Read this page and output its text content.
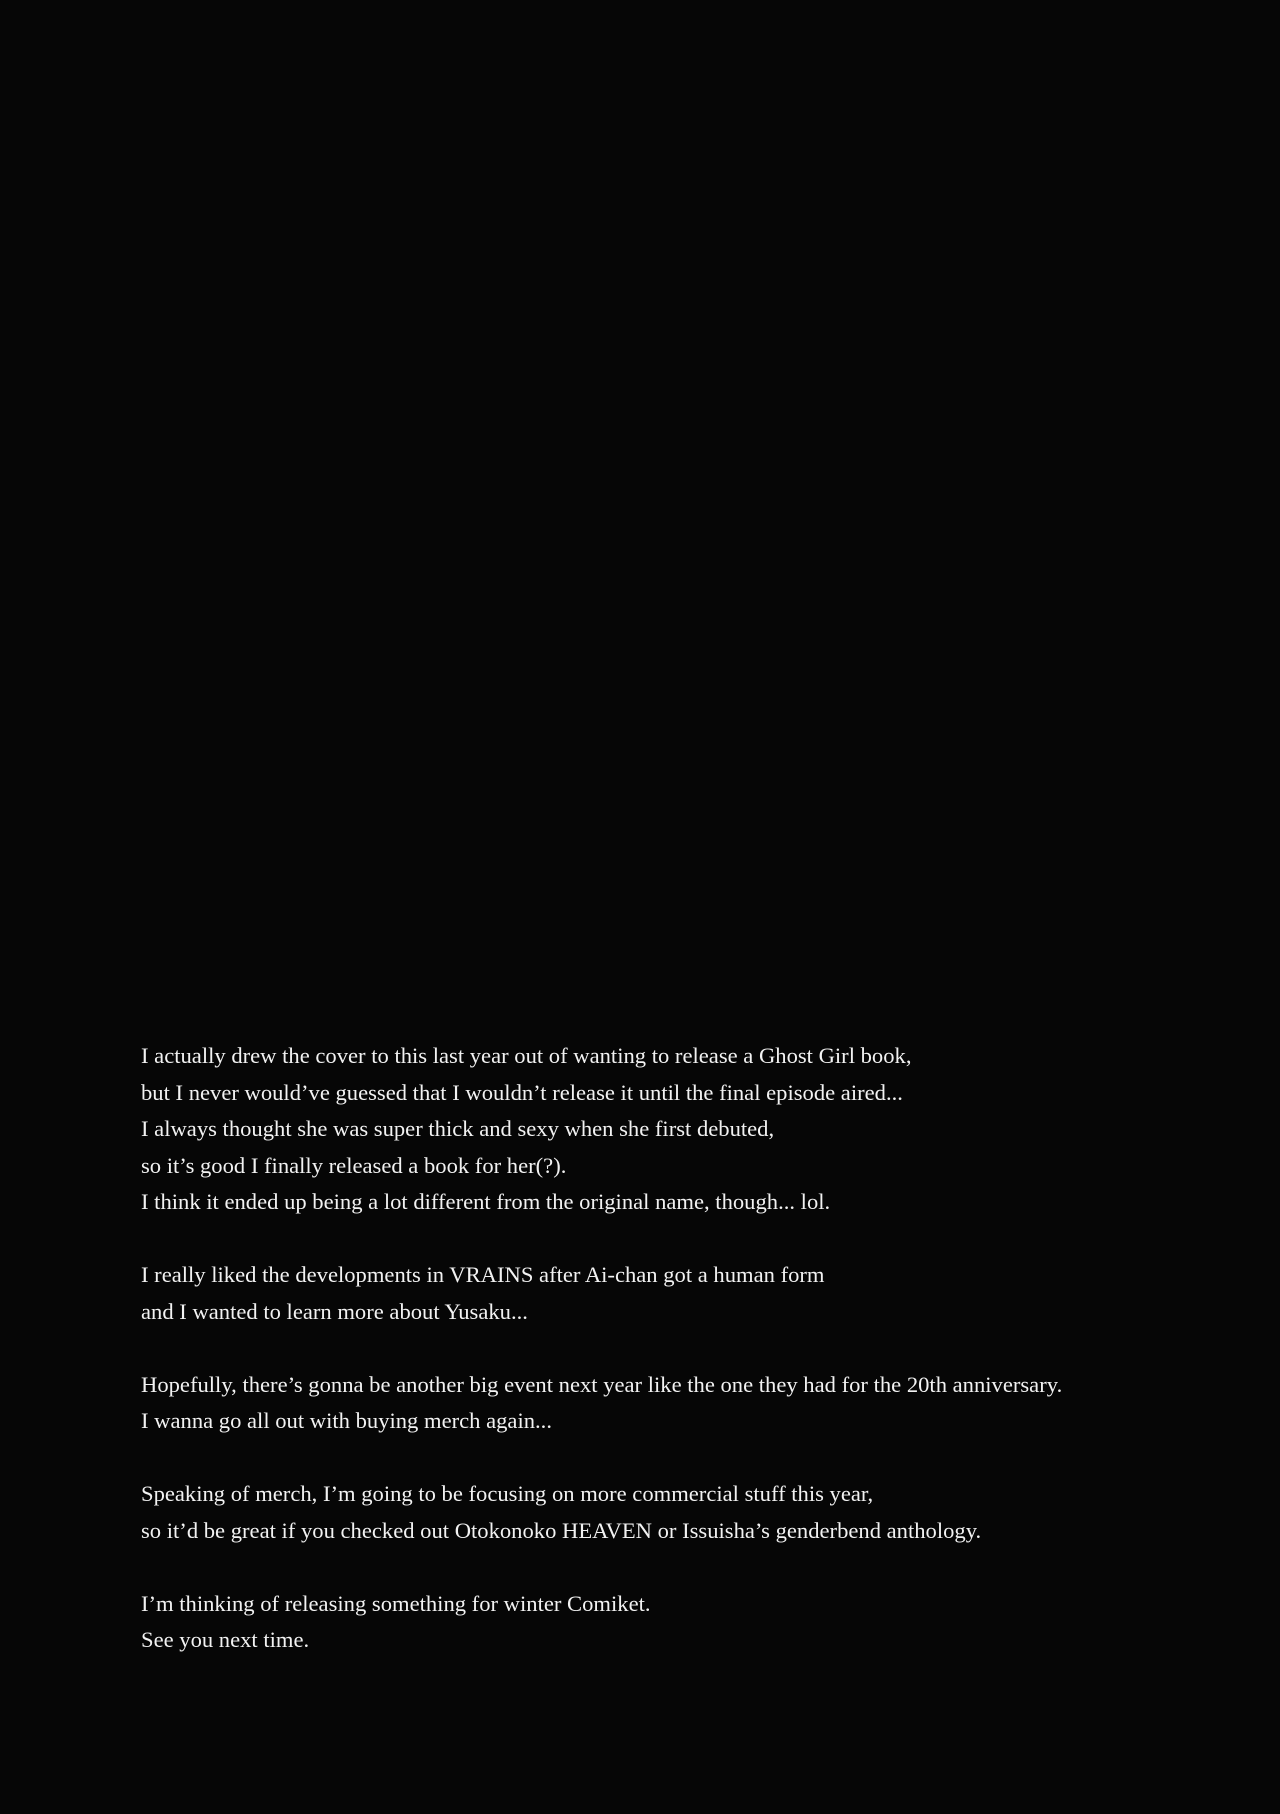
I actually drew the cover to this last year out of wanting to release a Ghost Girl book,
but I never would’ve guessed that I wouldn’t release it until the final episode aired...
I always thought she was super thick and sexy when she first debuted,
so it’s good I finally released a book for her(?).
I think it ended up being a lot different from the original name, though... lol.

I really liked the developments in VRAINS after Ai-chan got a human form
and I wanted to learn more about Yusaku...

Hopefully, there’s gonna be another big event next year like the one they had for the 20th anniversary.
I wanna go all out with buying merch again...

Speaking of merch, I’m going to be focusing on more commercial stuff this year,
so it’d be great if you checked out Otokonoko HEAVEN or Issuisha’s genderbend anthology.

I’m thinking of releasing something for winter Comiket.
See you next time.
